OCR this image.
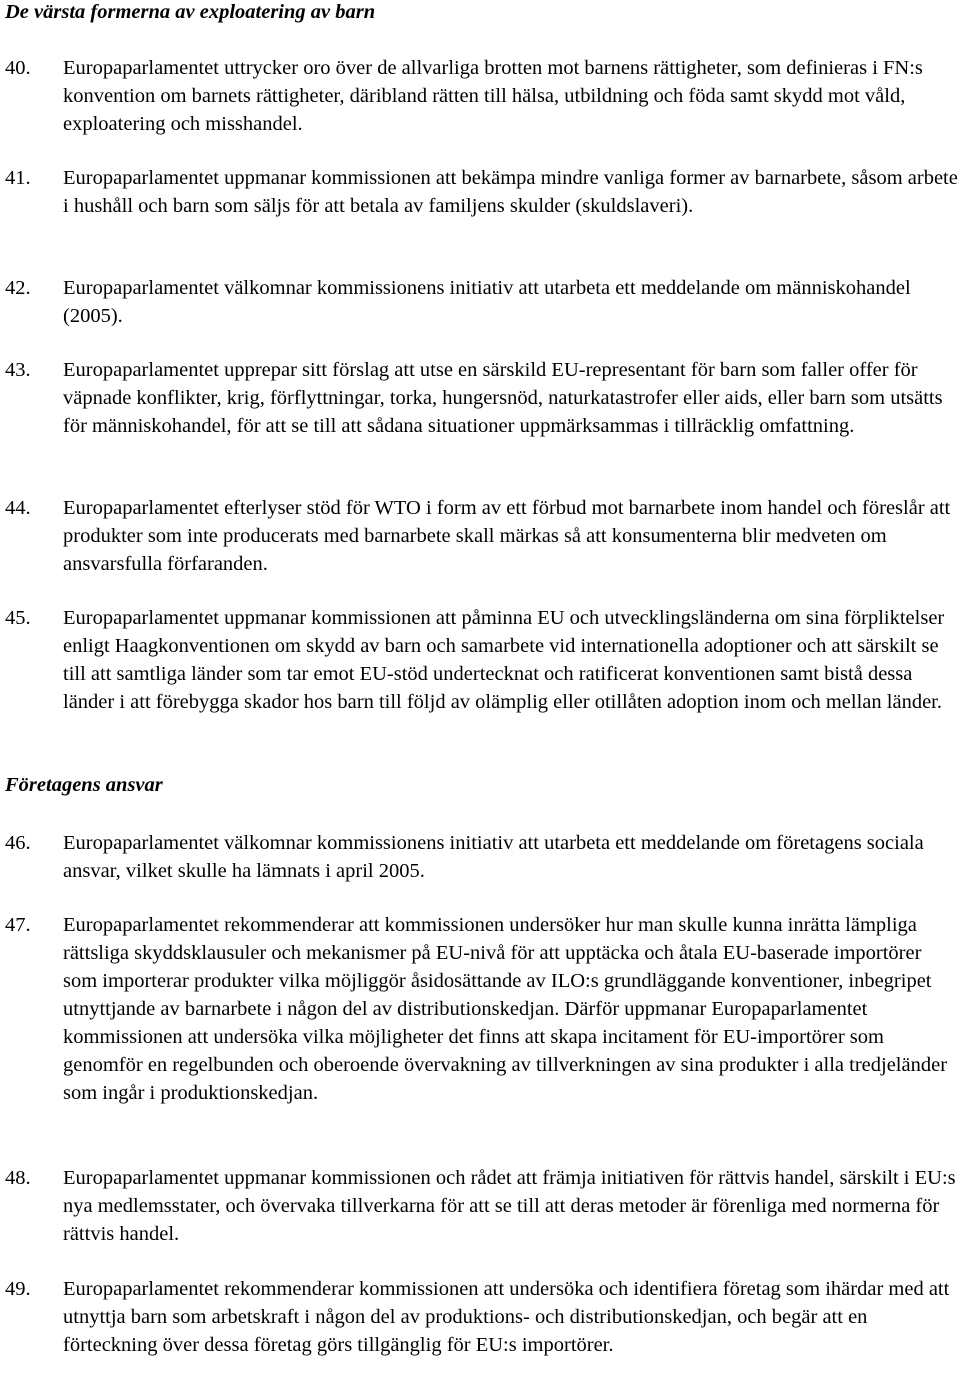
De värsta formerna av exploatering av barn
40. Europaparlamentet uttrycker oro över de allvarliga brotten mot barnens rättigheter, som definieras i FN:s konvention om barnets rättigheter, däribland rätten till hälsa, utbildning och föda samt skydd mot våld, exploatering och misshandel.
41. Europaparlamentet uppmanar kommissionen att bekämpa mindre vanliga former av barnarbete, såsom arbete i hushåll och barn som säljs för att betala av familjens skulder (skuldslaveri).
42. Europaparlamentet välkomnar kommissionens initiativ att utarbeta ett meddelande om människohandel (2005).
43. Europaparlamentet upprepar sitt förslag att utse en särskild EU-representant för barn som faller offer för väpnade konflikter, krig, förflyttningar, torka, hungersnöd, naturkatastrofer eller aids, eller barn som utsätts för människohandel, för att se till att sådana situationer uppmärksammas i tillräcklig omfattning.
44. Europaparlamentet efterlyser stöd för WTO i form av ett förbud mot barnarbete inom handel och föreslår att produkter som inte producerats med barnarbete skall märkas så att konsumenterna blir medveten om ansvarsfulla förfaranden.
45. Europaparlamentet uppmanar kommissionen att påminna EU och utvecklingsländerna om sina förpliktelser enligt Haagkonventionen om skydd av barn och samarbete vid internationella adoptioner och att särskilt se till att samtliga länder som tar emot EU-stöd undertecknat och ratificerat konventionen samt bistå dessa länder i att förebygga skador hos barn till följd av olämplig eller otillåten adoption inom och mellan länder.
Företagens ansvar
46. Europaparlamentet välkomnar kommissionens initiativ att utarbeta ett meddelande om företagens sociala ansvar, vilket skulle ha lämnats i april 2005.
47. Europaparlamentet rekommenderar att kommissionen undersöker hur man skulle kunna inrätta lämpliga rättsliga skyddsklausuler och mekanismer på EU-nivå för att upptäcka och åtala EU-baserade importörer som importerar produkter vilka möjliggör åsidosättande av ILO:s grundläggande konventioner, inbegripet utnyttjande av barnarbete i någon del av distributionskedjan. Därför uppmanar Europaparlamentet kommissionen att undersöka vilka möjligheter det finns att skapa incitament för EU-importörer som genomför en regelbunden och oberoende övervakning av tillverkningen av sina produkter i alla tredjeländer som ingår i produktionskedjan.
48. Europaparlamentet uppmanar kommissionen och rådet att främja initiativen för rättvis handel, särskilt i EU:s nya medlemsstater, och övervaka tillverkarna för att se till att deras metoder är förenliga med normerna för rättvis handel.
49. Europaparlamentet rekommenderar kommissionen att undersöka och identifiera företag som ihärdar med att utnyttja barn som arbetskraft i någon del av produktions- och distributionskedjan, och begär att en förteckning över dessa företag görs tillgänglig för EU:s importörer.
